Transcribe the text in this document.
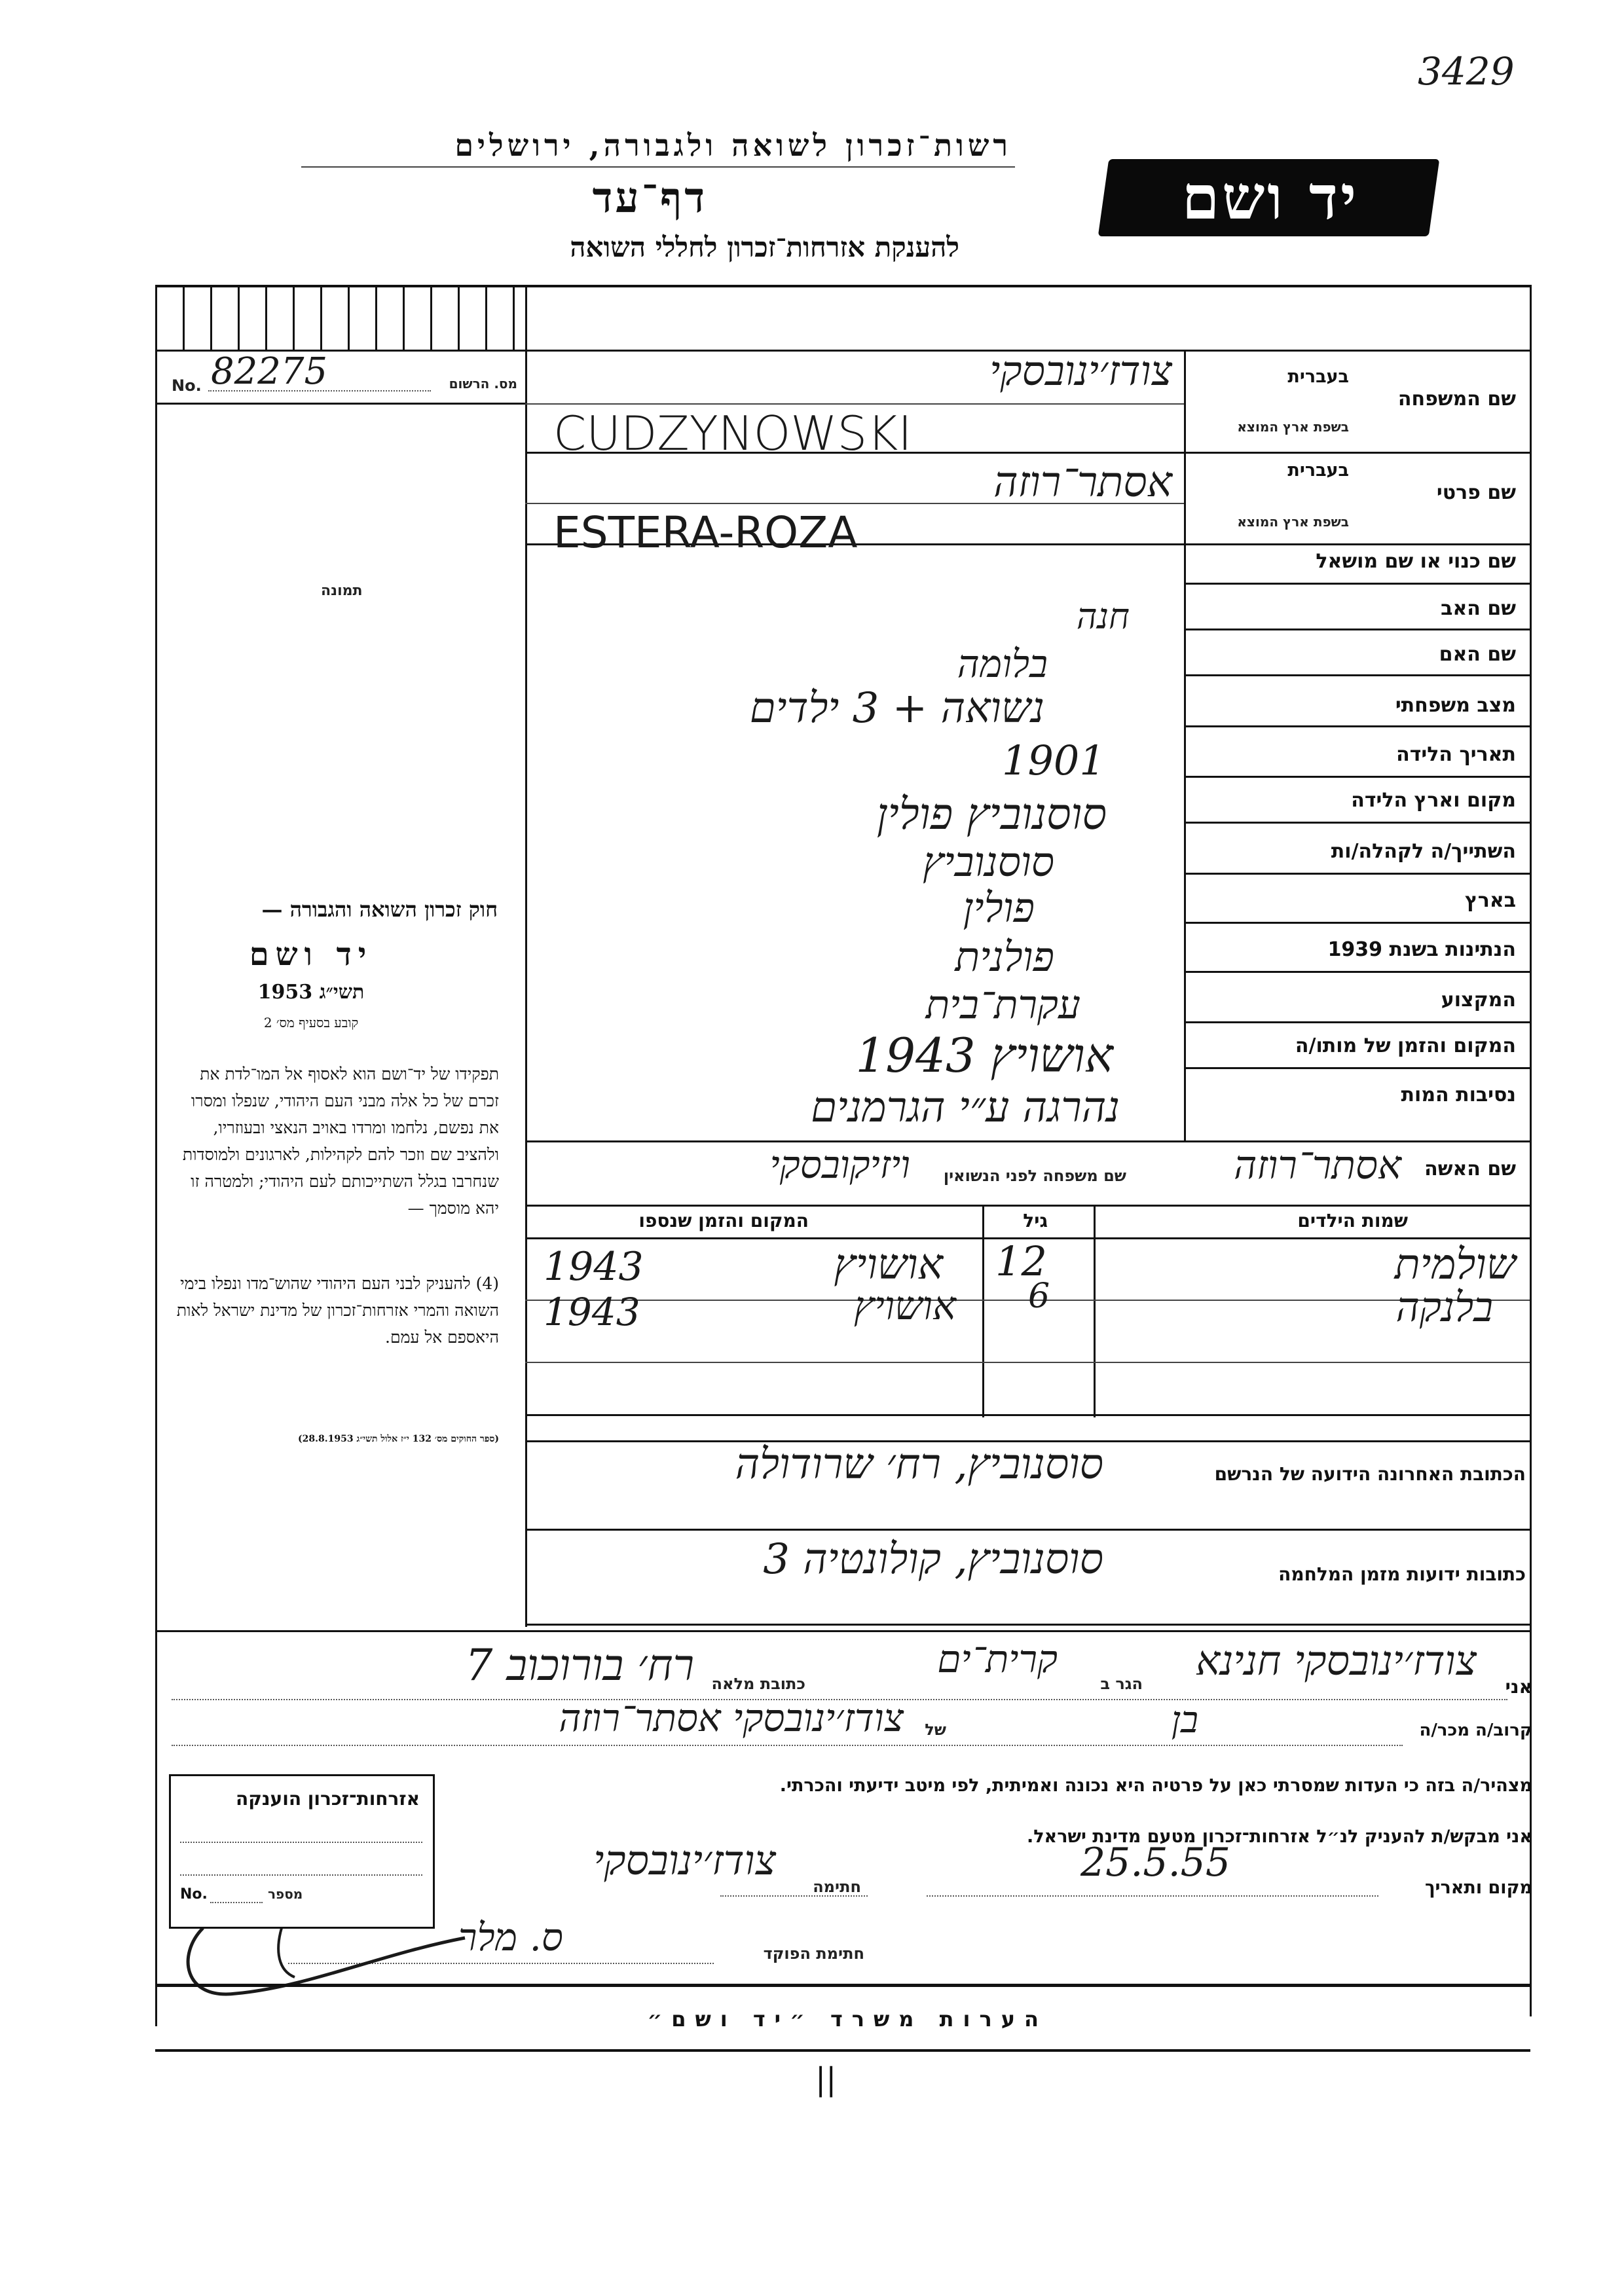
3429
רשות־זכרון לשואה ולגבורה, ירושלים
דף־עד
להענקת אזרחות־זכרון לחללי השואה
יד ושם
No. 82275	מס. הרשום
תמונה
חוק זכרון השואה והגבורה —
יד ושם
תשי״ג 1953
קובע בסעיף מס׳ 2
תפקידו של יד־ושם הוא לאסוף אל המו־לדת את זכרם של כל אלה מבני העם היהודי, שנפלו ומסרו את נפשם, נלחמו ומרדו באויב הנאצי ובעוזריו, ולהציב שם וזכר להם לקהילות, לארגונים ולמוסדות שנחרבו בגלל השתייכותם לעם היהודי; ולמטרה זו יהא מוסמך —
(4) להעניק לבני העם היהודי שהוש־מדו ונפלו בימי השואה והמרי אזרחות־זכרון של מדינת ישראל לאות היאספם אל עמם.
(ספר החוקים מס׳ 132 י״ז אלול תשי״ג 28.8.1953)
שם המשפחה
בעברית
בשפת ארץ המוצא
שם פרטי
בעברית
בשפת ארץ המוצא
שם כנוי או שם מושאל
שם האב
שם האם
מצב משפחתי
תאריך הלידה
מקום וארץ הלידה
השתייך/ה לקהלה/ות
בארץ
הנתינות בשנת 1939
המקצוע
המקום והזמן של מותו/ה
נסיבות המות
צודז׳ינובסקי
CUDZYNOWSKI
אסתר־רוזה
ESTERA-ROZA
חנה
בלומה
נשואה + 3 ילדים
1901
סוסנוביץ פולין
סוסנוביץ
פולין
פולנית
עקרת־בית
אושויץ 1943
נהרגה ע״י הגרמנים
שם האשה
אסתר־רוזה
שם משפחה לפני הנשואין
ויזיקובסקי
שמות הילדים
גיל
המקום והזמן שנספו
שולמית
12
אושויץ
1943
בלנקה
6
אושויץ
1943
הכתובת האחרונה הידועה של הנרשם
סוסנוביץ, רח׳ שרודולה
כתובות ידועות מזמן המלחמה
סוסנוביץ, קולונטיה 3
אני
צודז׳ינובסקי חנינא
הגר ב
קרית־ים
כתובת מלאה
רח׳ בורוכוב 7
קרוב/ה מכר/ה
בן
של
צודז׳ינובסקי אסתר־רוזה
מצהיר/ה בזה כי העדות שמסרתי כאן על פרטיה היא נכונה ואמיתית, לפי מיטב ידיעתי והכרתי.
אני מבקש/ת להעניק לנ״ל אזרחות־זכרון מטעם מדינת ישראל.
מקום ותאריך
25.5.55
חתימה
צודז׳ינובסקי
חתימת הפוקד
ס. מלר
אזרחות־זכרון הוענקה
No.	מספר
הערות משרד ״יד ושם״
||
